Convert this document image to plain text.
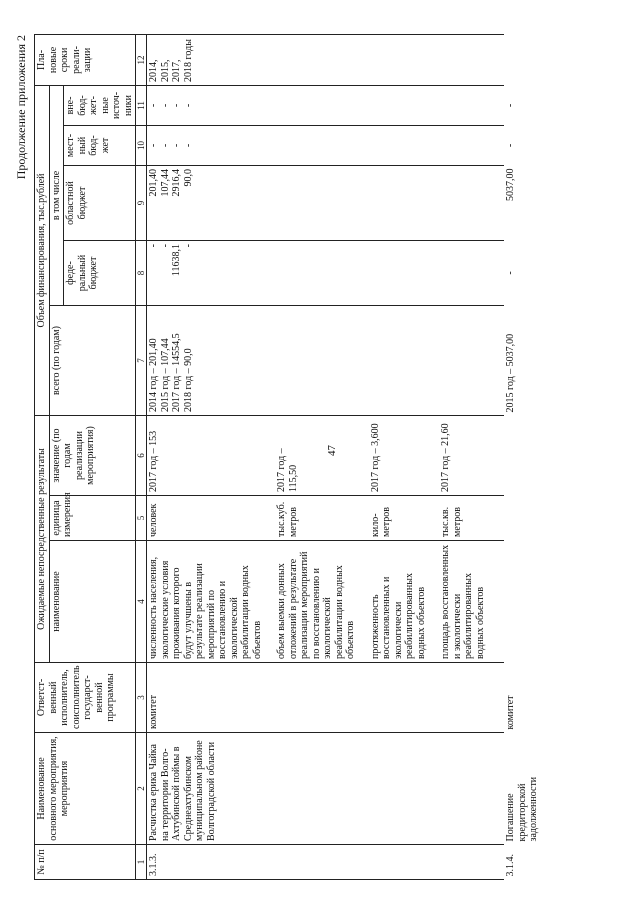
47
Продолжение приложения 2
№ п/п	Наименование основного мероприятия, мероприятия	Ответст- венный исполнитель, соисполнитель госудаpст- венной программы	Ожидаемые непосредственные результаты			Объем финансирования, тыс.рублей					Пла- новые сроки реали- зации
			наименование	единица измерения	значение (по годам реализации мероприятия)	всего (по годам)	в том числе				
							феде- ральный бюджет	областной бюджет	мест- ный бюд- жет	вне- бюд- жет- ные источ- ники	
1	2	3	4	5	6	7	8	9	10	11	12
3.1.3.	Расчистка ерика Чайка на территории Волго-Ахтубинской поймы в Среднеахтубинском муниципальном районе Волгоградской области	комитет	численность населения, экологические условия проживания которого будут улучшены в результате реализации мероприятий по восстановлению и экологической реабилитации водных объектов	человек	2017 год – 153	2014 год – 201,40 2015 год – 107,44 2017 год – 14554,5 2018 год – 90,0	- - 11638,1 -	201,40 107,44 2916,4 90,0	- - - -	- - - -	2014, 2015, 2017, 2018 годы
			объем выемки донных отложений в результате реализации мероприятий по восстановлению и экологической реабилитации водных объектов	тыс.куб. метров	2017 год – 115,50						
			протяженность восстановленных и экологически реабилитированных водных объектов	кило- метров	2017 год – 3,600						
			площадь восстановленных и экологически реабилитированных водных объектов	тыс.кв. метров	2017 год – 21,60						
3.1.4.	Погашение кредиторской задолженности	комитет				2015 год – 5037,00	-	5037,00	-	-	
